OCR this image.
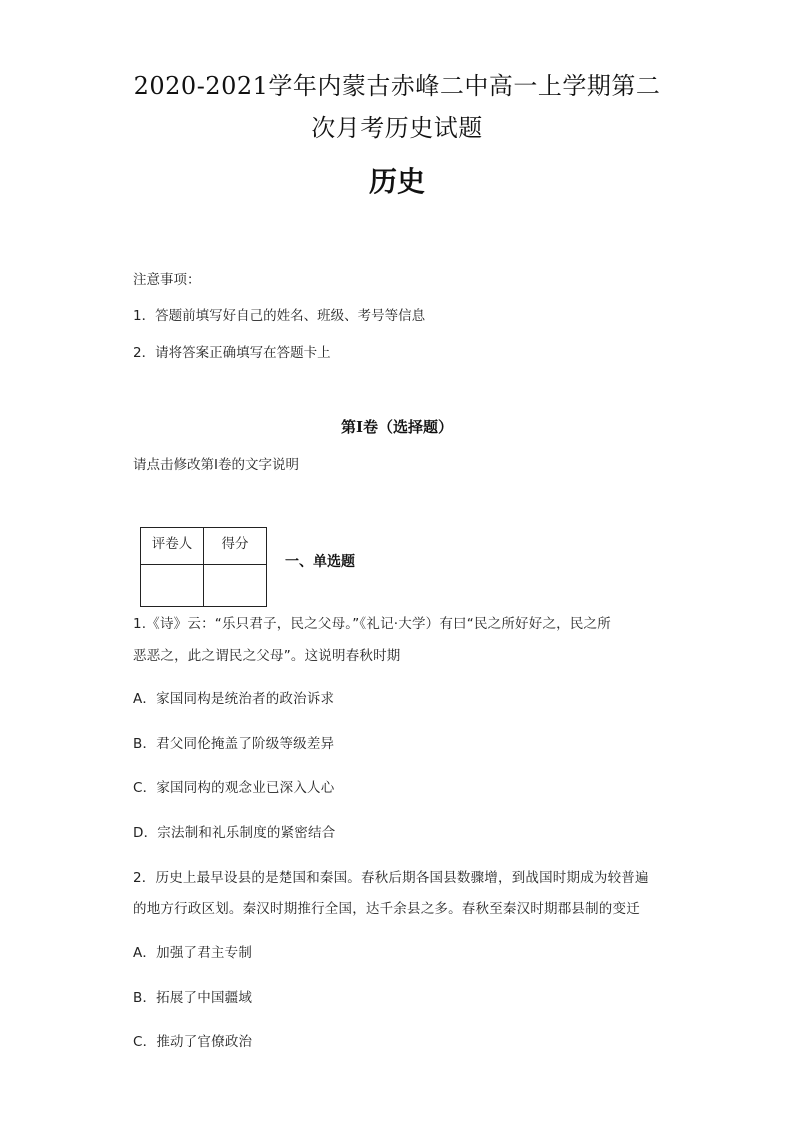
2020-2021学年内蒙古赤峰二中高一上学期第二
次月考历史试题
历史
注意事项：
1．答题前填写好自己的姓名、班级、考号等信息
2．请将答案正确填写在答题卡上
第I卷（选择题）
请点击修改第I卷的文字说明
评卷人	得分

一、单选题
1.《诗》云：“乐只君子，民之父母。”《礼记·大学）有曰“民之所好好之，民之所
恶恶之，此之谓民之父母”。这说明春秋时期
A．家国同构是统治者的政治诉求
B．君父同伦掩盖了阶级等级差异
C．家国同构的观念业已深入人心
D．宗法制和礼乐制度的紧密结合
2．历史上最早设县的是楚国和秦国。春秋后期各国县数骤增，到战国时期成为较普遍
的地方行政区划。秦汉时期推行全国，达千余县之多。春秋至秦汉时期郡县制的变迁
A．加强了君主专制
B．拓展了中国疆域
C．推动了官僚政治
